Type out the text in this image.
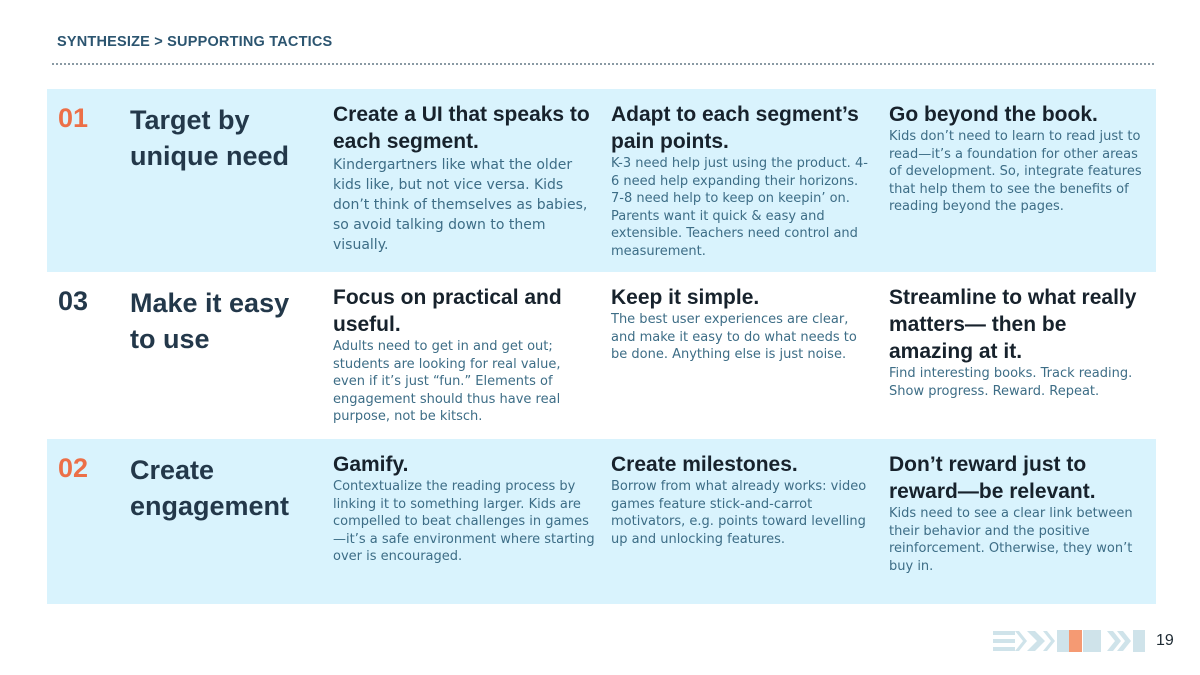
SYNTHESIZE > SUPPORTING TACTICS
01 Target by unique need
Create a UI that speaks to each segment.
Kindergartners like what the older kids like, but not vice versa. Kids don’t think of themselves as babies, so avoid talking down to them visually.
Adapt to each segment’s pain points.
K-3 need help just using the product. 4-6 need help expanding their horizons. 7-8 need help to keep on keepin’ on. Parents want it quick & easy and extensible. Teachers need control and measurement.
Go beyond the book.
Kids don’t need to learn to read just to read—it’s a foundation for other areas of development. So, integrate features that help them to see the benefits of reading beyond the pages.
03 Make it easy to use
Focus on practical and useful.
Adults need to get in and get out; students are looking for real value, even if it’s just “fun.” Elements of engagement should thus have real purpose, not be kitsch.
Keep it simple.
The best user experiences are clear, and make it easy to do what needs to be done. Anything else is just noise.
Streamline to what really matters— then be amazing at it.
Find interesting books. Track reading. Show progress. Reward. Repeat.
02 Create engagement
Gamify.
Contextualize the reading process by linking it to something larger. Kids are compelled to beat challenges in games—it’s a safe environment where starting over is encouraged.
Create milestones.
Borrow from what already works: video games feature stick-and-carrot motivators, e.g. points toward levelling up and unlocking features.
Don’t reward just to reward—be relevant.
Kids need to see a clear link between their behavior and the positive reinforcement. Otherwise, they won’t buy in.
19
